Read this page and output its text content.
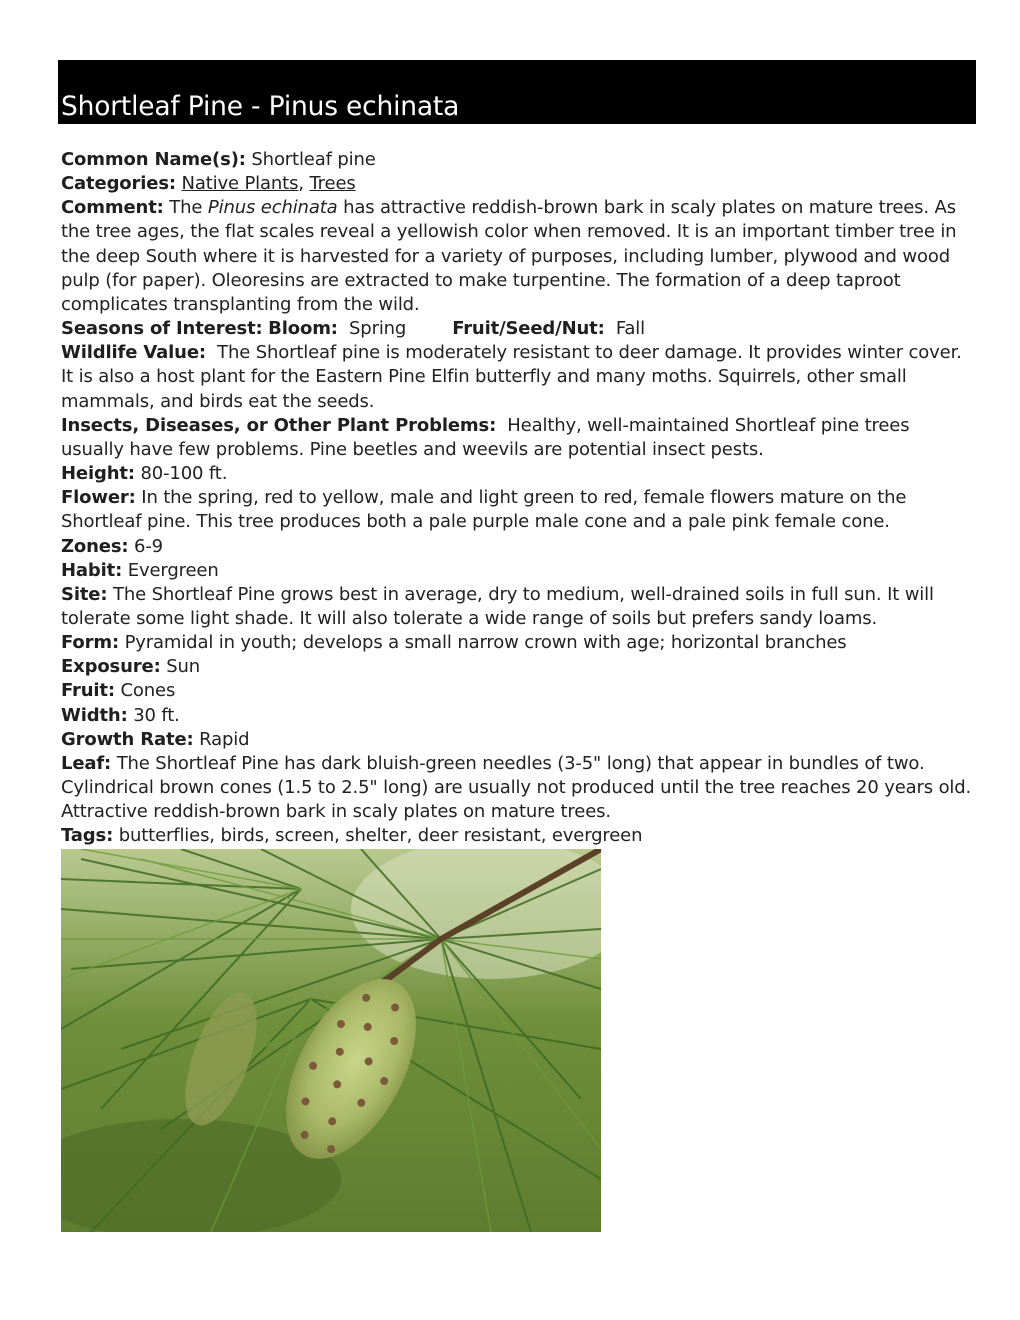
Shortleaf Pine - Pinus echinata

Common Name(s): Shortleaf pine

Categories: Native Plants, Trees

Comment: The Pinus echinata has attractive reddish-brown bark in scaly plates on mature trees. As the tree ages, the flat scales reveal a yellowish color when removed. It is an important timber tree in the deep South where it is harvested for a variety of purposes, including lumber, plywood and wood pulp (for paper). Oleoresins are extracted to make turpentine. The formation of a deep taproot complicates transplanting from the wild.

Seasons of Interest: Bloom: Spring	Fruit/Seed/Nut: Fall

Wildlife Value: The Shortleaf pine is moderately resistant to deer damage. It provides winter cover. It is also a host plant for the Eastern Pine Elfin butterfly and many moths. Squirrels, other small mammals, and birds eat the seeds.

Insects, Diseases, or Other Plant Problems: Healthy, well-maintained Shortleaf pine trees usually have few problems. Pine beetles and weevils are potential insect pests.

Height: 80-100 ft.

Flower: In the spring, red to yellow, male and light green to red, female flowers mature on the Shortleaf pine. This tree produces both a pale purple male cone and a pale pink female cone.

Zones: 6-9

Habit: Evergreen

Site: The Shortleaf Pine grows best in average, dry to medium, well-drained soils in full sun. It will tolerate some light shade. It will also tolerate a wide range of soils but prefers sandy loams.

Form: Pyramidal in youth; develops a small narrow crown with age; horizontal branches

Exposure: Sun

Fruit: Cones

Width: 30 ft.

Growth Rate: Rapid

Leaf: The Shortleaf Pine has dark bluish-green needles (3-5" long) that appear in bundles of two. Cylindrical brown cones (1.5 to 2.5" long) are usually not produced until the tree reaches 20 years old. Attractive reddish-brown bark in scaly plates on mature trees.

Tags: butterflies, birds, screen, shelter, deer resistant, evergreen
